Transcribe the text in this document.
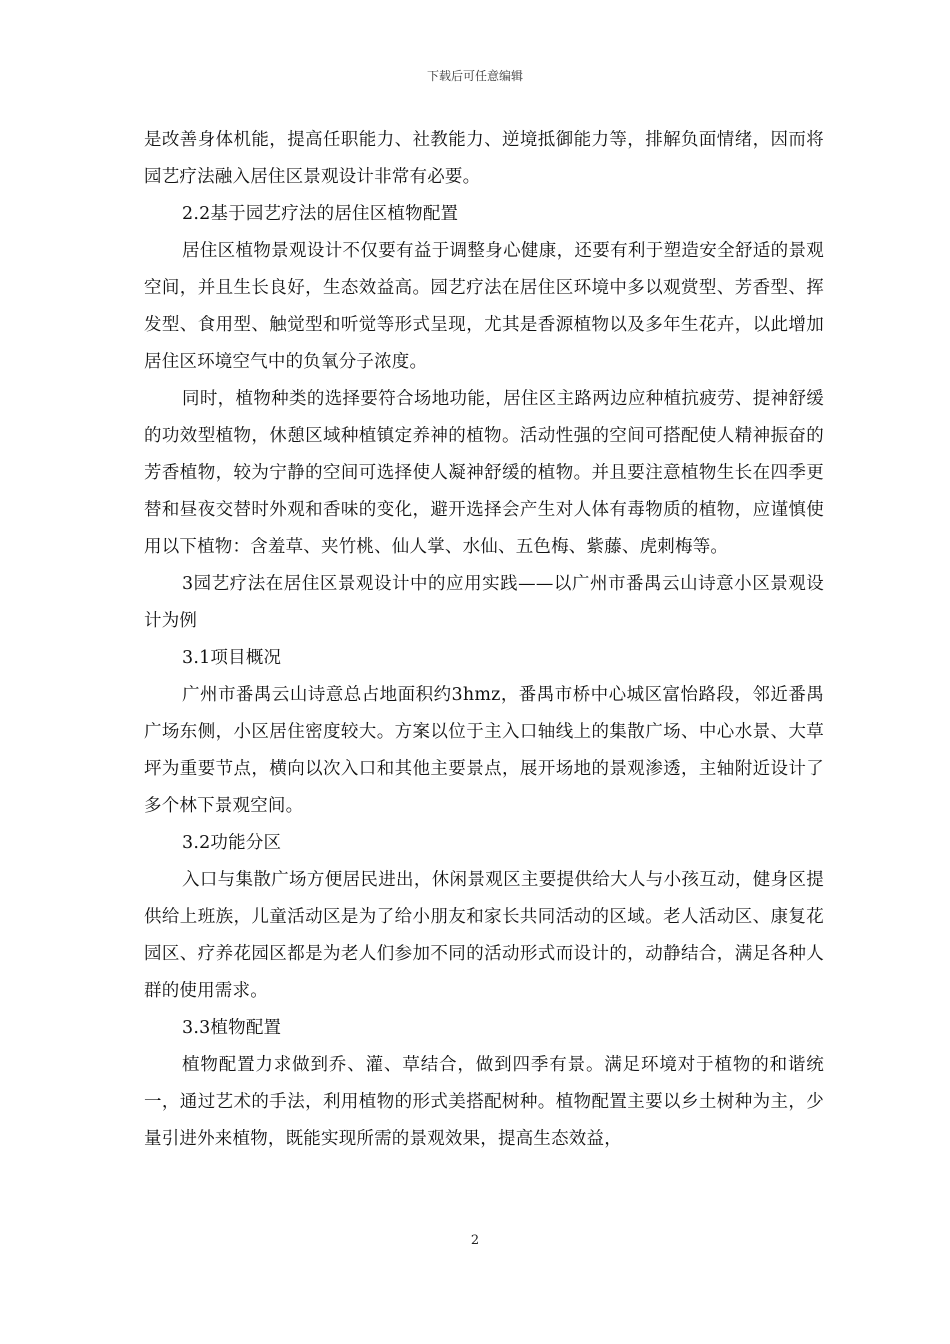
下载后可任意编辑

是改善身体机能，提高任职能力、社教能力、逆境抵御能力等，排解负面情绪，因而将园艺疗法融入居住区景观设计非常有必要。

2.2基于园艺疗法的居住区植物配置

居住区植物景观设计不仅要有益于调整身心健康，还要有利于塑造安全舒适的景观空间，并且生长良好，生态效益高。园艺疗法在居住区环境中多以观赏型、芳香型、挥发型、食用型、触觉型和听觉等形式呈现，尤其是香源植物以及多年生花卉，以此增加居住区环境空气中的负氧分子浓度。

同时，植物种类的选择要符合场地功能，居住区主路两边应种植抗疲劳、提神舒缓的功效型植物，休憩区域种植镇定养神的植物。活动性强的空间可搭配使人精神振奋的芳香植物，较为宁静的空间可选择使人凝神舒缓的植物。并且要注意植物生长在四季更替和昼夜交替时外观和香味的变化，避开选择会产生对人体有毒物质的植物，应谨慎使用以下植物：含羞草、夹竹桃、仙人掌、水仙、五色梅、紫藤、虎刺梅等。

3园艺疗法在居住区景观设计中的应用实践——以广州市番禺云山诗意小区景观设计为例

3.1项目概况

广州市番禺云山诗意总占地面积约3hmz，番禺市桥中心城区富怡路段，邻近番禺广场东侧，小区居住密度较大。方案以位于主入口轴线上的集散广场、中心水景、大草坪为重要节点，横向以次入口和其他主要景点，展开场地的景观渗透，主轴附近设计了多个林下景观空间。

3.2功能分区

入口与集散广场方便居民进出，休闲景观区主要提供给大人与小孩互动，健身区提供给上班族，儿童活动区是为了给小朋友和家长共同活动的区域。老人活动区、康复花园区、疗养花园区都是为老人们参加不同的活动形式而设计的，动静结合，满足各种人群的使用需求。

3.3植物配置

植物配置力求做到乔、灌、草结合，做到四季有景。满足环境对于植物的和谐统一，通过艺术的手法，利用植物的形式美搭配树种。植物配置主要以乡土树种为主，少量引进外来植物，既能实现所需的景观效果，提高生态效益，

2
